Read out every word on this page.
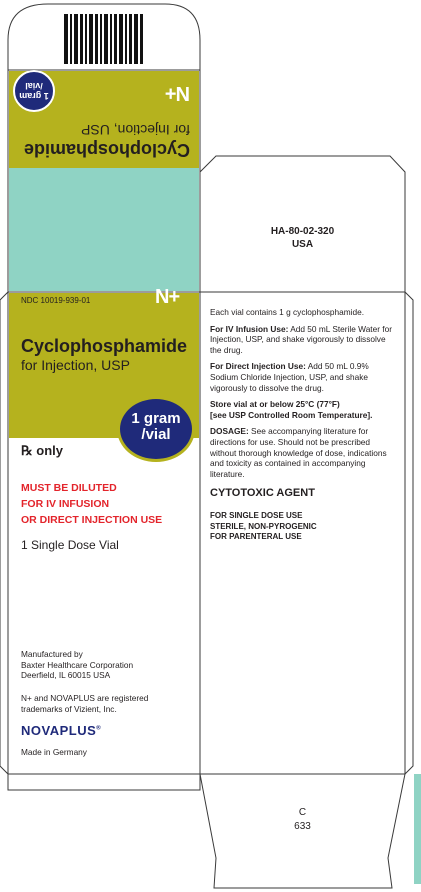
Cyclophosphamide
for Injection, USP
1 gram /vial	N+
NDC 10019-939-01	N+
Cyclophosphamide
for Injection, USP
1 gram
/vial
℞ only
MUST BE DILUTED
FOR IV INFUSION
OR DIRECT INJECTION USE
1 Single Dose Vial
Manufactured by
Baxter Healthcare Corporation
Deerfield, IL 60015 USA
N+ and NOVAPLUS are registered
trademarks of Vizient, Inc.
NOVAPLUS®
Made in Germany
HA-80-02-320
USA

Each vial contains 1 g cyclophosphamide.

For IV Infusion Use: Add 50 mL Sterile Water for Injection, USP, and shake vigorously to dissolve the drug.

For Direct Injection Use: Add 50 mL 0.9% Sodium Chloride Injection, USP, and shake vigorously to dissolve the drug.

Store vial at or below 25°C (77°F)
[see USP Controlled Room Temperature].

DOSAGE: See accompanying literature for directions for use. Should not be prescribed without thorough knowledge of dose, indications and toxicity as contained in accompanying literature.

CYTOTOXIC AGENT
FOR SINGLE DOSE USE
STERILE, NON-PYROGENIC
FOR PARENTERAL USE
C
633
